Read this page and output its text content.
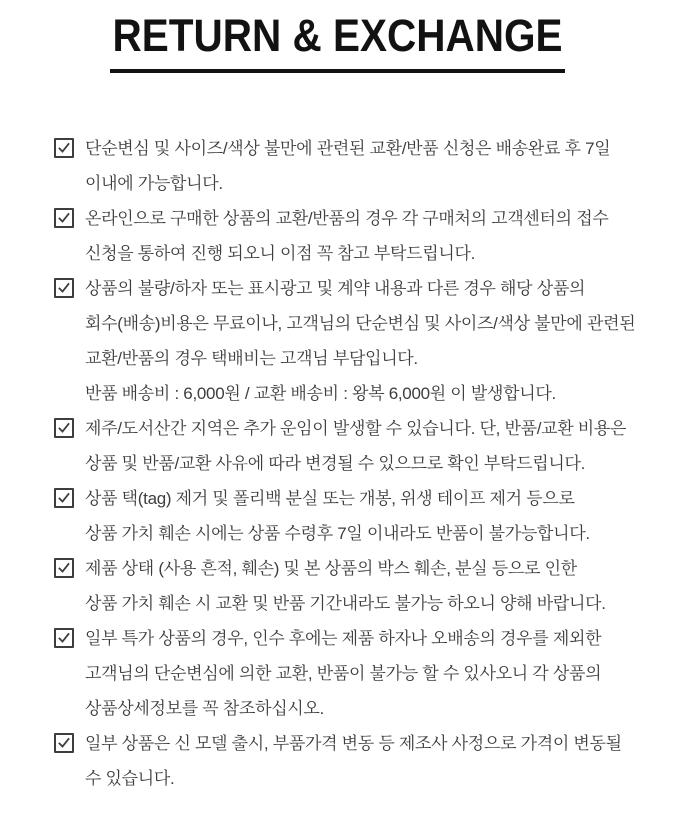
RETURN & EXCHANGE
단순변심 및 사이즈/색상 불만에 관련된 교환/반품 신청은 배송완료 후 7일
이내에 가능합니다.
온라인으로 구매한 상품의 교환/반품의 경우 각 구매처의 고객센터의 접수
신청을 통하여 진행 되오니 이점 꼭 참고 부탁드립니다.
상품의 불량/하자 또는 표시광고 및 계약 내용과 다른 경우 해당 상품의
회수(배송)비용은 무료이나, 고객님의 단순변심 및 사이즈/색상 불만에 관련된
교환/반품의 경우 택배비는 고객님 부담입니다.
반품 배송비 : 6,000원 / 교환 배송비 : 왕복 6,000원 이 발생합니다.
제주/도서산간 지역은 추가 운임이 발생할 수 있습니다. 단, 반품/교환 비용은
상품 및 반품/교환 사유에 따라 변경될 수 있으므로 확인 부탁드립니다.
상품 택(tag) 제거 및 폴리백 분실 또는 개봉, 위생 테이프 제거 등으로
상품 가치 훼손 시에는 상품 수령후 7일 이내라도 반품이 불가능합니다.
제품 상태 (사용 흔적, 훼손) 및 본 상품의 박스 훼손, 분실 등으로 인한
상품 가치 훼손 시 교환 및 반품 기간내라도 불가능 하오니 양해 바랍니다.
일부 특가 상품의 경우, 인수 후에는 제품 하자나 오배송의 경우를 제외한
고객님의 단순변심에 의한 교환, 반품이 불가능 할 수 있사오니 각 상품의
상품상세정보를 꼭 참조하십시오.
일부 상품은 신 모델 출시, 부품가격 변동 등 제조사 사정으로 가격이 변동될
수 있습니다.
